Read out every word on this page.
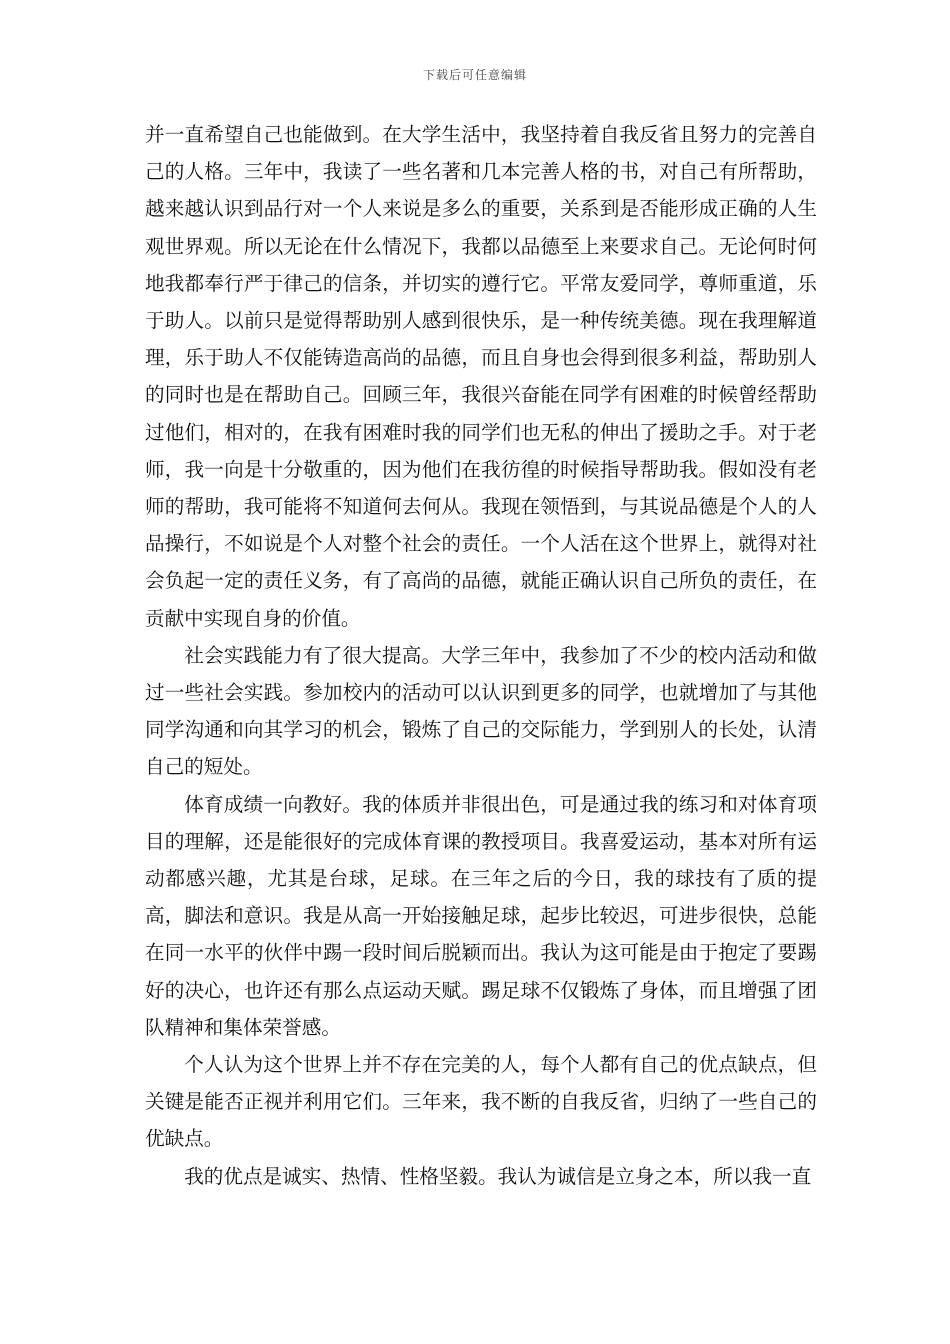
下载后可任意编辑

并一直希望自己也能做到。在大学生活中，我坚持着自我反省且努力的完善自己的人格。三年中，我读了一些名著和几本完善人格的书，对自己有所帮助，越来越认识到品行对一个人来说是多么的重要，关系到是否能形成正确的人生观世界观。所以无论在什么情况下，我都以品德至上来要求自己。无论何时何地我都奉行严于律己的信条，并切实的遵行它。平常友爱同学，尊师重道，乐于助人。以前只是觉得帮助别人感到很快乐，是一种传统美德。现在我理解道理，乐于助人不仅能铸造高尚的品德，而且自身也会得到很多利益，帮助别人的同时也是在帮助自己。回顾三年，我很兴奋能在同学有困难的时候曾经帮助过他们，相对的，在我有困难时我的同学们也无私的伸出了援助之手。对于老师，我一向是十分敬重的，因为他们在我彷徨的时候指导帮助我。假如没有老师的帮助，我可能将不知道何去何从。我现在领悟到，与其说品德是个人的人品操行，不如说是个人对整个社会的责任。一个人活在这个世界上，就得对社会负起一定的责任义务，有了高尚的品德，就能正确认识自己所负的责任，在贡献中实现自身的价值。

社会实践能力有了很大提高。大学三年中，我参加了不少的校内活动和做过一些社会实践。参加校内的活动可以认识到更多的同学，也就增加了与其他同学沟通和向其学习的机会，锻炼了自己的交际能力，学到别人的长处，认清自己的短处。

体育成绩一向教好。我的体质并非很出色，可是通过我的练习和对体育项目的理解，还是能很好的完成体育课的教授项目。我喜爱运动，基本对所有运动都感兴趣，尤其是台球，足球。在三年之后的今日，我的球技有了质的提高，脚法和意识。我是从高一开始接触足球，起步比较迟，可进步很快，总能在同一水平的伙伴中踢一段时间后脱颖而出。我认为这可能是由于抱定了要踢好的决心，也许还有那么点运动天赋。踢足球不仅锻炼了身体，而且增强了团队精神和集体荣誉感。

个人认为这个世界上并不存在完美的人，每个人都有自己的优点缺点，但关键是能否正视并利用它们。三年来，我不断的自我反省，归纳了一些自己的优缺点。

我的优点是诚实、热情、性格坚毅。我认为诚信是立身之本，所以我一直
